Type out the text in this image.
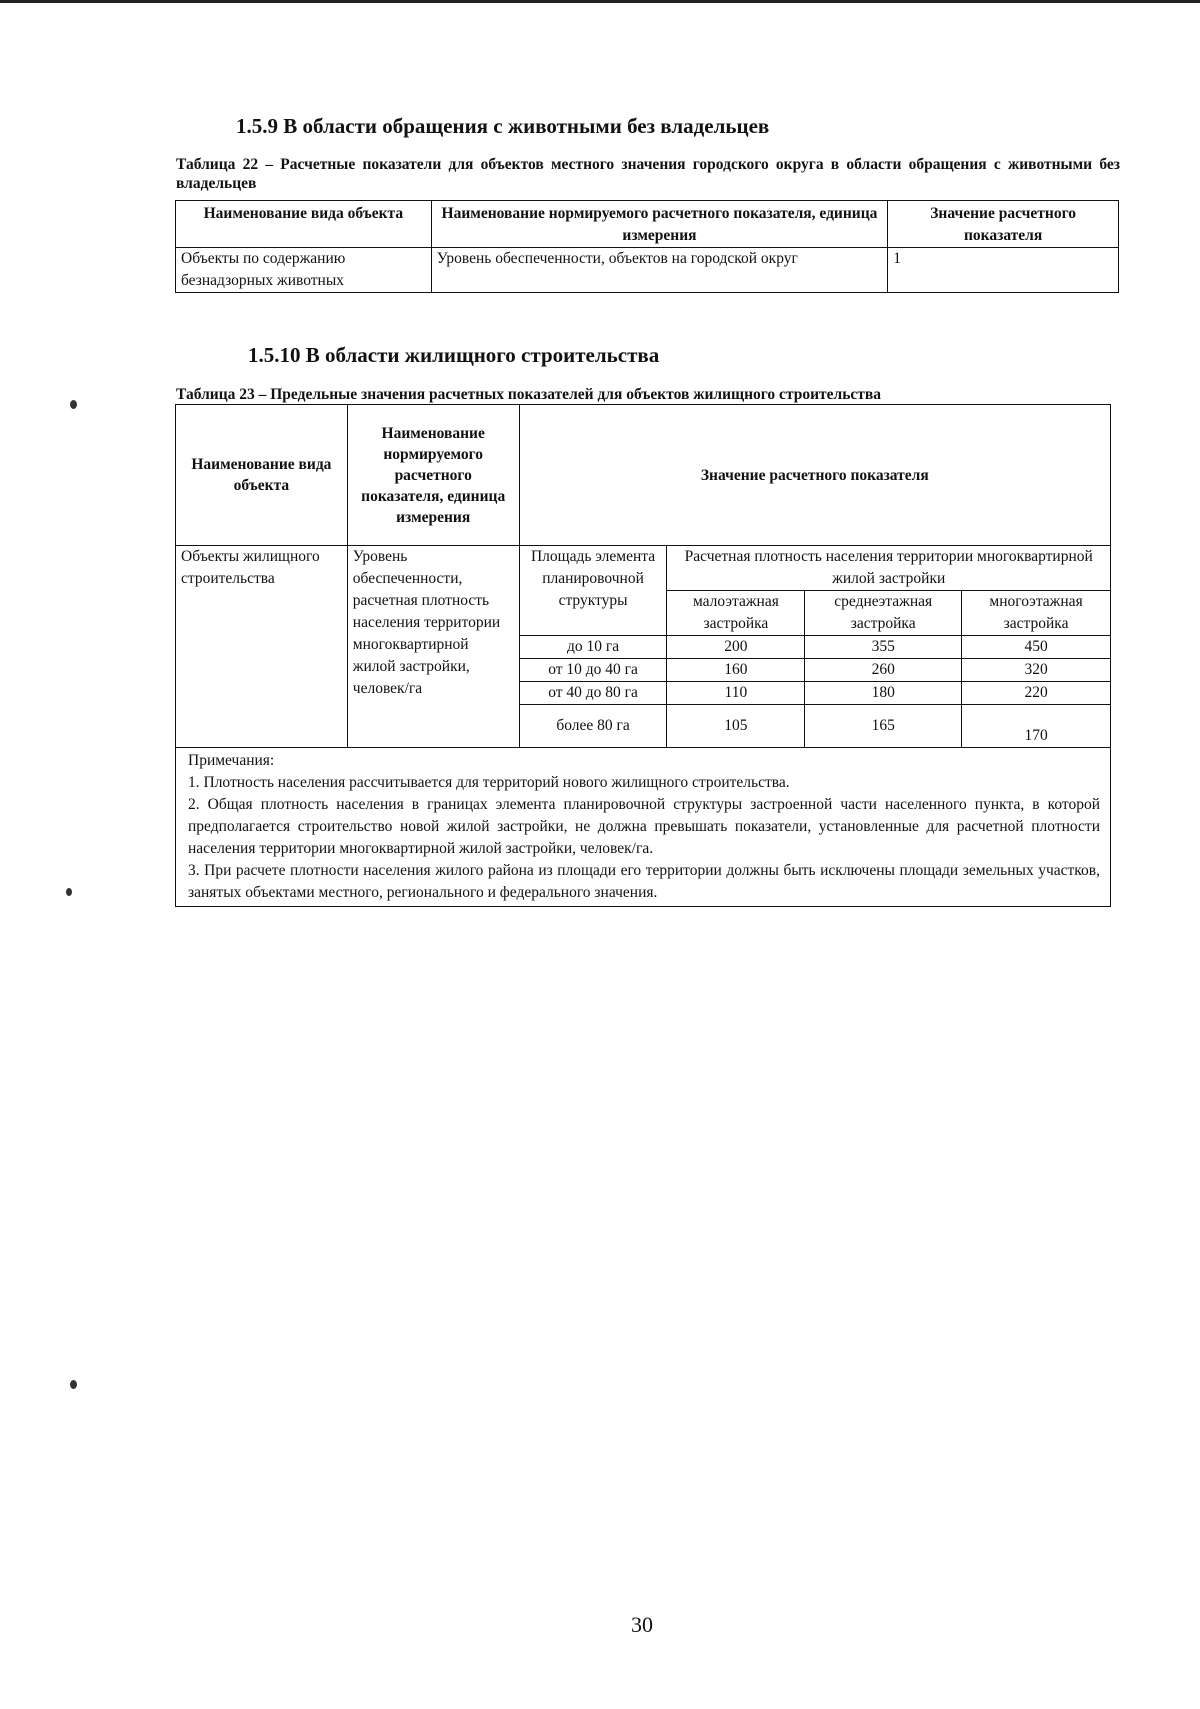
1.5.9 В области обращения с животными без владельцев
Таблица 22 – Расчетные показатели для объектов местного значения городского округа в области обращения с животными без владельцев
Наименование вида объекта	Наименование нормируемого расчетного показателя, единица измерения	Значение расчетного показателя
Объекты по содержанию безнадзорных животных	Уровень обеспеченности, объектов на городской округ	1
1.5.10 В области жилищного строительства
Таблица 23 – Предельные значения расчетных показателей для объектов жилищного строительства
Наименование вида объекта	Наименование нормируемого расчетного показателя, единица измерения	Значение расчетного показателя			
Объекты жилищного строительства	Уровень обеспеченности, расчетная плотность населения территории многоквартирной жилой застройки, человек/га	Площадь элемента планировочной структуры	Расчетная плотность населения территории многоквартирной жилой застройки		
			малоэтажная застройка	среднеэтажная застройка	многоэтажная застройка
		до 10 га	200	355	450
		от 10 до 40 га	160	260	320
		от 40 до 80 га	110	180	220
		более 80 га	105	165	170

Примечания:
1. Плотность населения рассчитывается для территорий нового жилищного строительства.
2. Общая плотность населения в границах элемента планировочной структуры застроенной части населенного пункта, в которой предполагается строительство новой жилой застройки, не должна превышать показатели, установленные для расчетной плотности населения территории многоквартирной жилой застройки, человек/га.
3. При расчете плотности населения жилого района из площади его территории должны быть исключены площади земельных участков, занятых объектами местного, регионального и федерального значения.					
30
